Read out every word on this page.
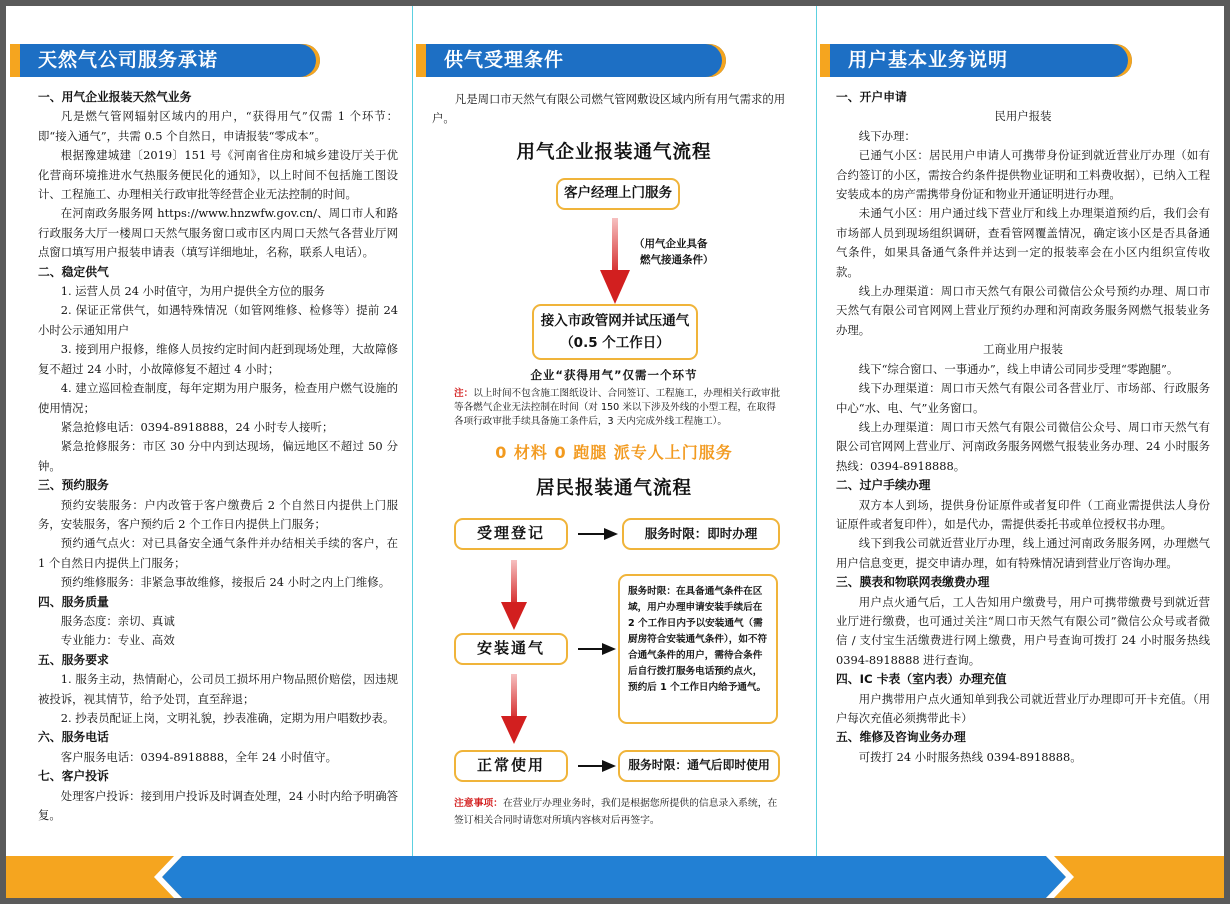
天然气公司服务承诺
一、用气企业报装天然气业务
凡是燃气管网辐射区域内的用户，“获得用气”仅需 1 个环节：即“接入通气”，共需 0.5 个自然日，申请报装“零成本”。
根据豫建城建〔2019〕151 号《河南省住房和城乡建设厅关于优化营商环境推进水气热服务便民化的通知》，以上时间不包括施工图设计、工程施工、办理相关行政审批等经营企业无法控制的时间。
在河南政务服务网 https://www.hnzwfw.gov.cn/、周口市人和路行政服务大厅一楼周口天然气服务窗口或市区内周口天然气各营业厅网点窗口填写用户报装申请表（填写详细地址，名称，联系人电话）。
二、稳定供气
1. 运营人员 24 小时值守，为用户提供全方位的服务
2. 保证正常供气，如遇特殊情况（如管网维修、检修等）提前 24 小时公示通知用户
3. 接到用户报修，维修人员按约定时间内赶到现场处理，大故障修复不超过 24 小时，小故障修复不超过 4 小时；
4. 建立巡回检查制度，每年定期为用户服务，检查用户燃气设施的使用情况；
紧急抢修电话：0394-8918888，24 小时专人接听；
紧急抢修服务：市区 30 分中内到达现场，偏远地区不超过 50 分钟。
三、预约服务
预约安装服务：户内改管于客户缴费后 2 个自然日内提供上门服务，安装服务，客户预约后 2 个工作日内提供上门服务；
预约通气点火：对已具备安全通气条件并办结相关手续的客户，在 1 个自然日内提供上门服务；
预约维修服务：非紧急事故维修，接报后 24 小时之内上门维修。
四、服务质量
服务态度：亲切、真诚
专业能力：专业、高效
五、服务要求
1. 服务主动，热情耐心，公司员工损坏用户物品照价赔偿，因违规被投诉，视其情节，给予处罚，直至辞退；
2. 抄表员配证上岗，文明礼貌，抄表准确，定期为用户唱数抄表。
六、服务电话
客户服务电话：0394-8918888，全年 24 小时值守。
七、客户投诉
处理客户投诉：接到用户投诉及时调查处理，24 小时内给予明确答复。
供气受理条件
凡是周口市天然气有限公司燃气管网敷设区域内所有用气需求的用户。
用气企业报装通气流程
客户经理上门服务
（用气企业具备
燃气接通条件）
接入市政管网并试压通气
（0.5 个工作日）
企业“获得用气”仅需一个环节
注：以上时间不包含施工图纸设计、合同签订、工程施工，办理相关行政审批等各燃气企业无法控制在时间（对 150 米以下涉及外线的小型工程，在取得各项行政审批手续具备施工条件后，3 天内完成外线工程施工）。
0 材料 0 跑腿 派专人上门服务
居民报装通气流程
受理登记	服务时限：即时办理
安装通气
服务时限：在具备通气条件在区域，用户办理申请安装手续后在 2 个工作日内予以安装通气（需厨房符合安装通气条件），如不符合通气条件的用户，需待合条件后自行拨打服务电话预约点火，预约后 1 个工作日内给予通气。
正常使用	服务时限：通气后即时使用
注意事项：在营业厅办理业务时，我们是根据您所提供的信息录入系统，在签订相关合同时请您对所填内容核对后再签字。
用户基本业务说明
一、开户申请
民用户报装
线下办理：
已通气小区：居民用户申请人可携带身份证到就近营业厅办理（如有合约签订的小区，需按合约条件提供物业证明和工料费收据），已纳入工程安装成本的房产需携带身份证和物业开通证明进行办理。
未通气小区：用户通过线下营业厅和线上办理渠道预约后，我们会有市场部人员到现场组织调研，查看管网覆盖情况，确定该小区是否具备通气条件，如果具备通气条件并达到一定的报装率会在小区内组织宣传收款。
线上办理渠道：周口市天然气有限公司微信公众号预约办理、周口市天然气有限公司官网网上营业厅预约办理和河南政务服务网燃气报装业务办理。
工商业用户报装
线下“综合窗口、一事通办”，线上申请公司同步受理“零跑腿”。
线下办理渠道：周口市天然气有限公司各营业厅、市场部、行政服务中心“水、电、气”业务窗口。
线上办理渠道：周口市天然气有限公司微信公众号、周口市天然气有限公司官网网上营业厅、河南政务服务网燃气报装业务办理、24 小时服务热线：0394-8918888。
二、过户手续办理
双方本人到场，提供身份证原件或者复印件（工商业需提供法人身份证原件或者复印件），如是代办，需提供委托书或单位授权书办理。
线下到我公司就近营业厅办理，线上通过河南政务服务网，办理燃气用户信息变更，提交申请办理，如有特殊情况请到营业厅咨询办理。
三、膜表和物联网表缴费办理
用户点火通气后，工人告知用户缴费号，用户可携带缴费号到就近营业厅进行缴费，也可通过关注“周口市天然气有限公司”微信公众号或者微信 / 支付宝生活缴费进行网上缴费，用户号查询可拨打 24 小时服务热线 0394-8918888 进行查询。
四、IC 卡表（室内表）办理充值
用户携带用户点火通知单到我公司就近营业厅办理即可开卡充值。（用户每次充值必须携带此卡）
五、维修及咨询业务办理
可拨打 24 小时服务热线 0394-8918888。
